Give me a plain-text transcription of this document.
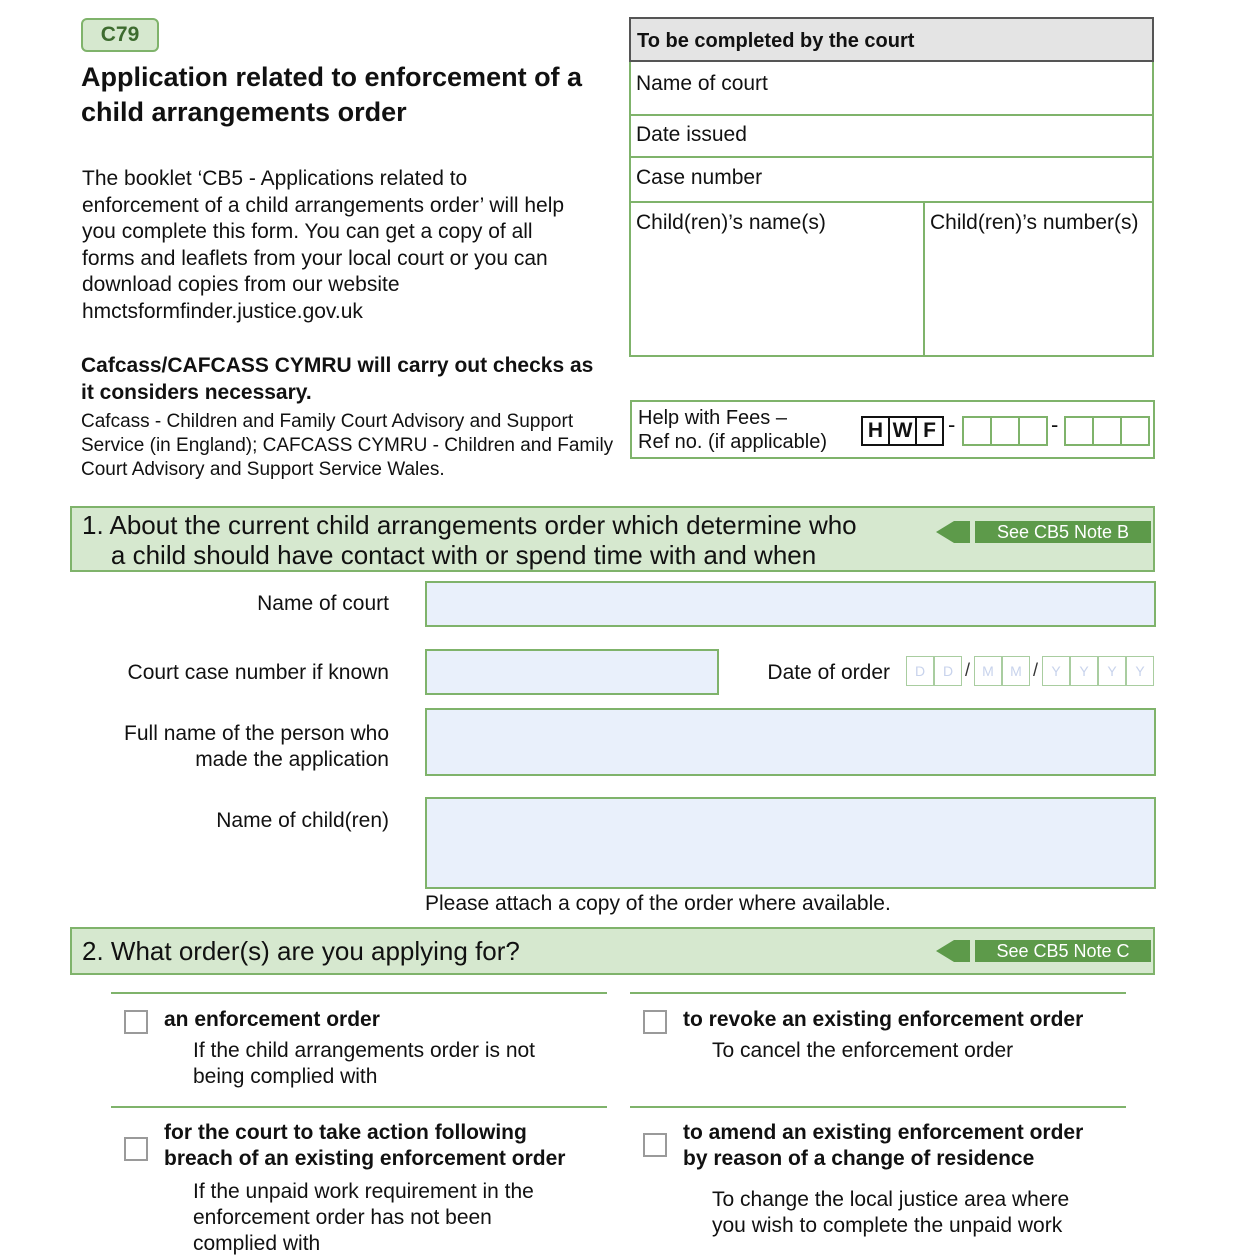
C79
Application related to enforcement of a child arrangements order
The booklet ‘CB5 - Applications related to
enforcement of a child arrangements order’ will help
you complete this form. You can get a copy of all
forms and leaflets from your local court or you can
download copies from our website
hmctsformfinder.justice.gov.uk
Cafcass/CAFCASS CYMRU will carry out checks as it considers necessary.
Cafcass - Children and Family Court Advisory and Support Service (in England); CAFCASS CYMRU - Children and Family Court Advisory and Support Service Wales.
To be completed by the court
Name of court
Date issued
Case number
Child(ren)’s name(s)	Child(ren)’s number(s)
Help with Fees –
Ref no. (if applicable)	H W F -	-
1. About the current child arrangements order which determine who
a child should have contact with or spend time with and when
See CB5 Note B
Name of court
Court case number if known	Date of order	D	D / M	M / Y	Y	Y	Y
Full name of the person who
made the application
Name of child(ren)
Please attach a copy of the order where available.
2. What order(s) are you applying for?	See CB5 Note C
an enforcement order
If the child arrangements order is not
being complied with
to revoke an existing enforcement order
To cancel the enforcement order
for the court to take action following
breach of an existing enforcement order
If the unpaid work requirement in the
enforcement order has not been
complied with
to amend an existing enforcement order
by reason of a change of residence
To change the local justice area where
you wish to complete the unpaid work
